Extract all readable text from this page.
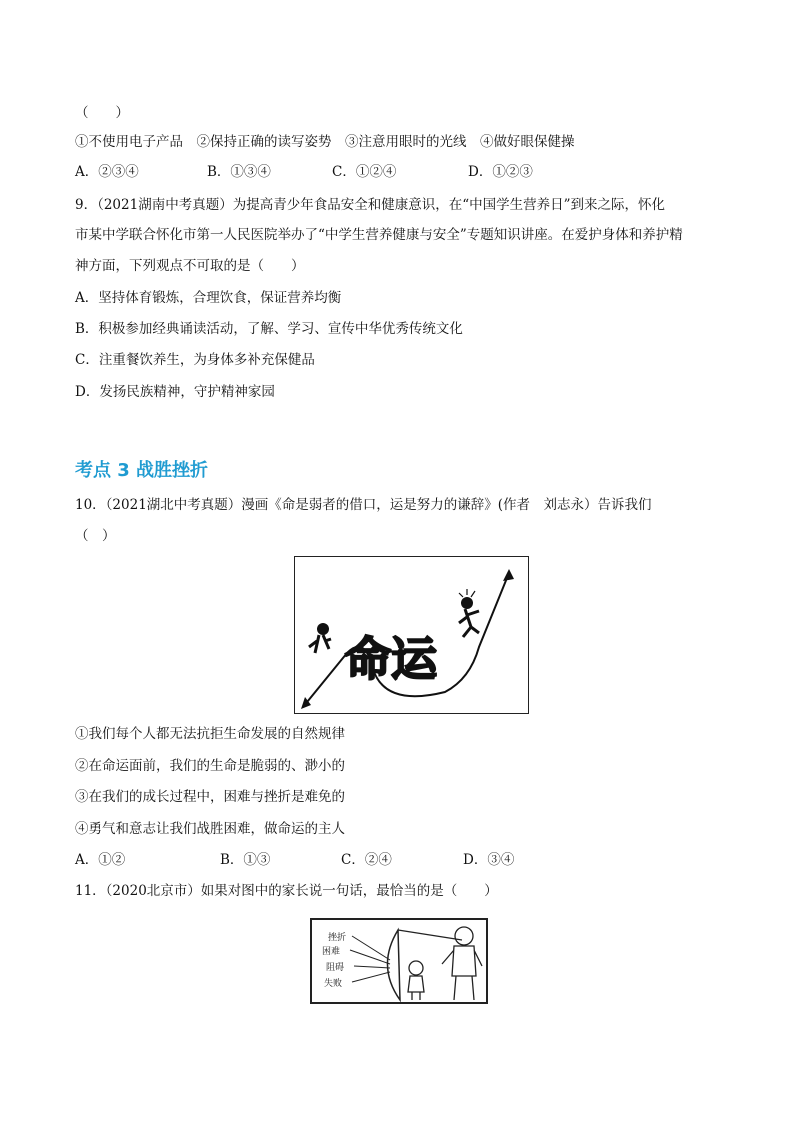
（　　）
①不使用电子产品　②保持正确的读写姿势　③注意用眼时的光线　④做好眼保健操
A．②③④	B．①③④	C．①②④	D．①②③
9．（2021湖南中考真题）为提高青少年食品安全和健康意识，在“中国学生营养日”到来之际，怀化
市某中学联合怀化市第一人民医院举办了“中学生营养健康与安全”专题知识讲座。在爱护身体和养护精
神方面，下列观点不可取的是（　　）
A．坚持体育锻炼，合理饮食，保证营养均衡
B．积极参加经典诵读活动，了解、学习、宣传中华优秀传统文化
C．注重餐饮养生，为身体多补充保健品
D．发扬民族精神，守护精神家园
考点 3 战胜挫折
10．（2021湖北中考真题）漫画《命是弱者的借口，运是努力的谦辞》(作者　刘志永）告诉我们
（　）
命运
①我们每个人都无法抗拒生命发展的自然规律
②在命运面前，我们的生命是脆弱的、渺小的
③在我们的成长过程中，困难与挫折是难免的
④勇气和意志让我们战胜困难，做命运的主人
A．①②	B．①③	C．②④	D．③④
11．（2020北京市）如果对图中的家长说一句话，最恰当的是（　　）
挫折
困难
阻碍
失败
